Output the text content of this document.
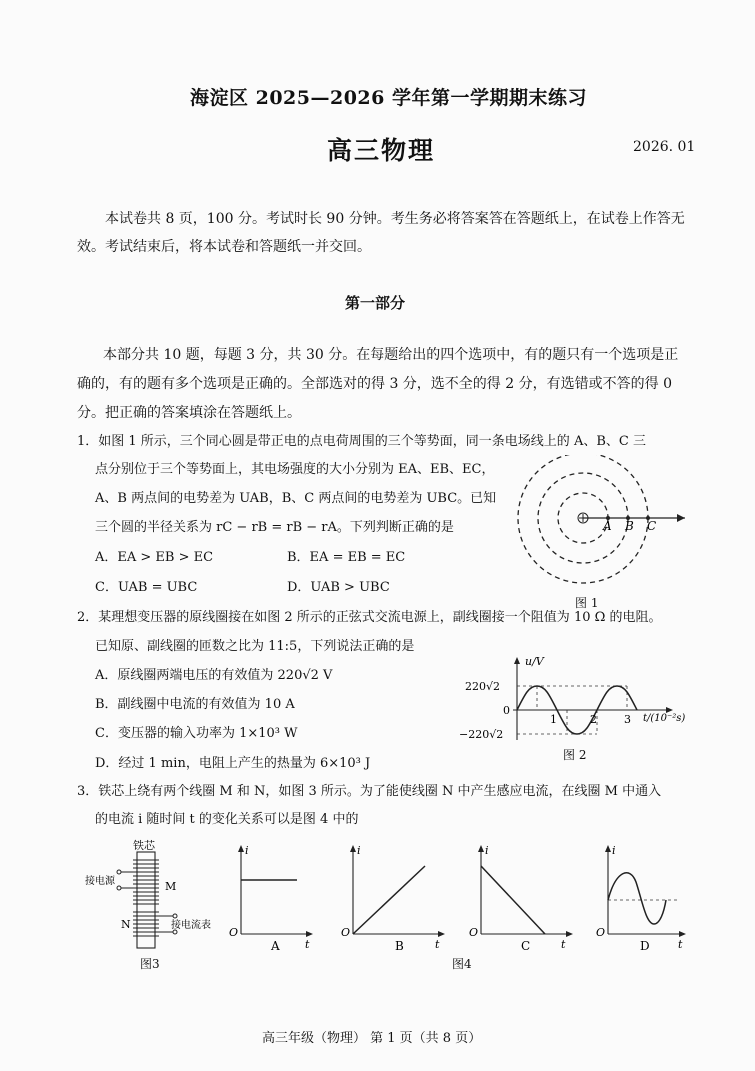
海淀区 2025—2026 学年第一学期期末练习
高三物理	2026. 01
本试卷共 8 页，100 分。考试时长 90 分钟。考生务必将答案答在答题纸上，在试卷上作答无
效。考试结束后，将本试卷和答题纸一并交回。
第一部分
本部分共 10 题，每题 3 分，共 30 分。在每题给出的四个选项中，有的题只有一个选项是正
确的，有的题有多个选项是正确的。全部选对的得 3 分，选不全的得 2 分，有选错或不答的得 0
分。把正确的答案填涂在答题纸上。
1．如图 1 所示，三个同心圆是带正电的点电荷周围的三个等势面，同一条电场线上的 A、B、C 三
点分别位于三个等势面上，其电场强度的大小分别为 EA、EB、EC，
A、B 两点间的电势差为 UAB，B、C 两点间的电势差为 UBC。已知
三个圆的半径关系为 rC − rB = rB − rA。下列判断正确的是
A．EA > EB > EC	B．EA = EB = EC
C．UAB = UBC	D．UAB > UBC
A B C
图 1
2．某理想变压器的原线圈接在如图 2 所示的正弦式交流电源上，副线圈接一个阻值为 10 Ω 的电阻。
已知原、副线圈的匝数之比为 11:5，下列说法正确的是
A．原线圈两端电压的有效值为 220√2 V
B．副线圈中电流的有效值为 10 A
C．变压器的输入功率为 1×10³ W
D．经过 1 min，电阻上产生的热量为 6×10³ J
u/V
220√2
0
−220√2
1	2 3 t/(10⁻²s)
图 2
3．铁芯上绕有两个线圈 M 和 N，如图 3 所示。为了能使线圈 N 中产生感应电流，在线圈 M 中通入
的电流 i 随时间 t 的变化关系可以是图 4 中的
铁芯
接电源	M
N	接电流表
图3
i
O
t
A
i
O
t
B
i
O
t
C
i
O
t
D
图4
高三年级（物理） 第 1 页（共 8 页）
